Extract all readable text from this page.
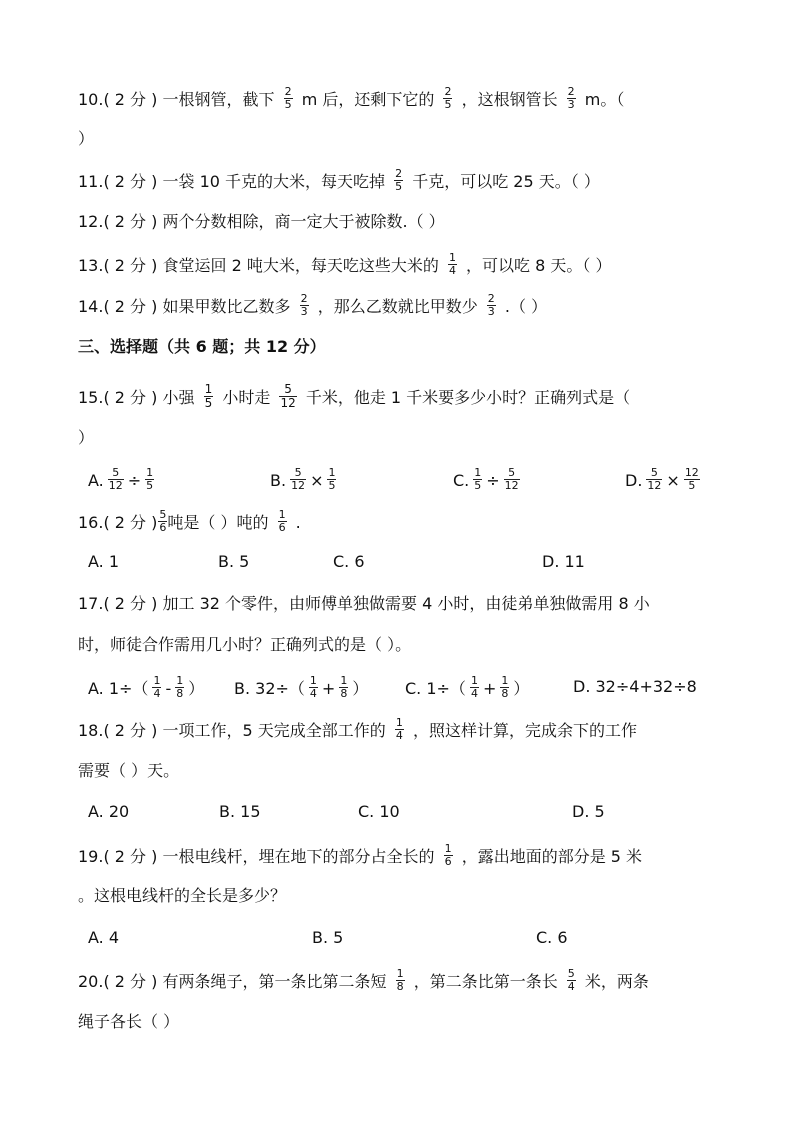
10.( 2 分 ) 一根钢管，截下 $\frac{2}{5}$ m 后，还剩下它的 $\frac{2}{5}$ ，这根钢管长 $\frac{2}{3}$ m。（
）
11.( 2 分 ) 一袋 10 千克的大米，每天吃掉 $\frac{2}{5}$ 千克，可以吃 25 天。（ ）
12.( 2 分 ) 两个分数相除，商一定大于被除数.（ ）
13.( 2 分 ) 食堂运回 2 吨大米，每天吃这些大米的 $\frac{1}{4}$ ，可以吃 8 天。（ ）
14.( 2 分 ) 如果甲数比乙数多 $\frac{2}{3}$ ，那么乙数就比甲数少 $\frac{2}{3}$ .（ ）
三、选择题（共 6 题；共 12 分）
15.( 2 分 ) 小强 $\frac{1}{5}$ 小时走 $\frac{5}{12}$ 千米，他走 1 千米要多少小时？正确列式是（
）
A. $\frac{5}{12} \div \frac{1}{5}$	B. $\frac{5}{12} \times \frac{1}{5}$	C. $\frac{1}{5} \div \frac{5}{12}$	D. $\frac{5}{12} \times \frac{12}{5}$
16.( 2 分 ) $\frac{5}{6}$ 吨是（ ）吨的 $\frac{1}{6}$ .
A. 1	B. 5	C. 6	D. 11
17.( 2 分 ) 加工 32 个零件，由师傅单独做需要 4 小时，由徒弟单独做需用 8 小
时，师徒合作需用几小时？正确列式的是（ ）。
A. $1\div( \frac{1}{4} - \frac{1}{8}$ ） B. $32\div( \frac{1}{4} + \frac{1}{8}$ ） C. $1\div( \frac{1}{4} + \frac{1}{8}$ ）	D. 32÷4+32÷8
18.( 2 分 ) 一项工作，5 天完成全部工作的 $\frac{1}{4}$ ，照这样计算，完成余下的工作
需要（ ）天。
A. 20	B. 15	C. 10	D. 5
19.( 2 分 ) 一根电线杆，埋在地下的部分占全长的 $\frac{1}{6}$ ，露出地面的部分是 5 米
。这根电线杆的全长是多少？
A. 4	B. 5	C. 6
20.( 2 分 ) 有两条绳子，第一条比第二条短 $\frac{1}{8}$ ，第二条比第一条长 $\frac{5}{4}$ 米，两条
绳子各长（ ）
